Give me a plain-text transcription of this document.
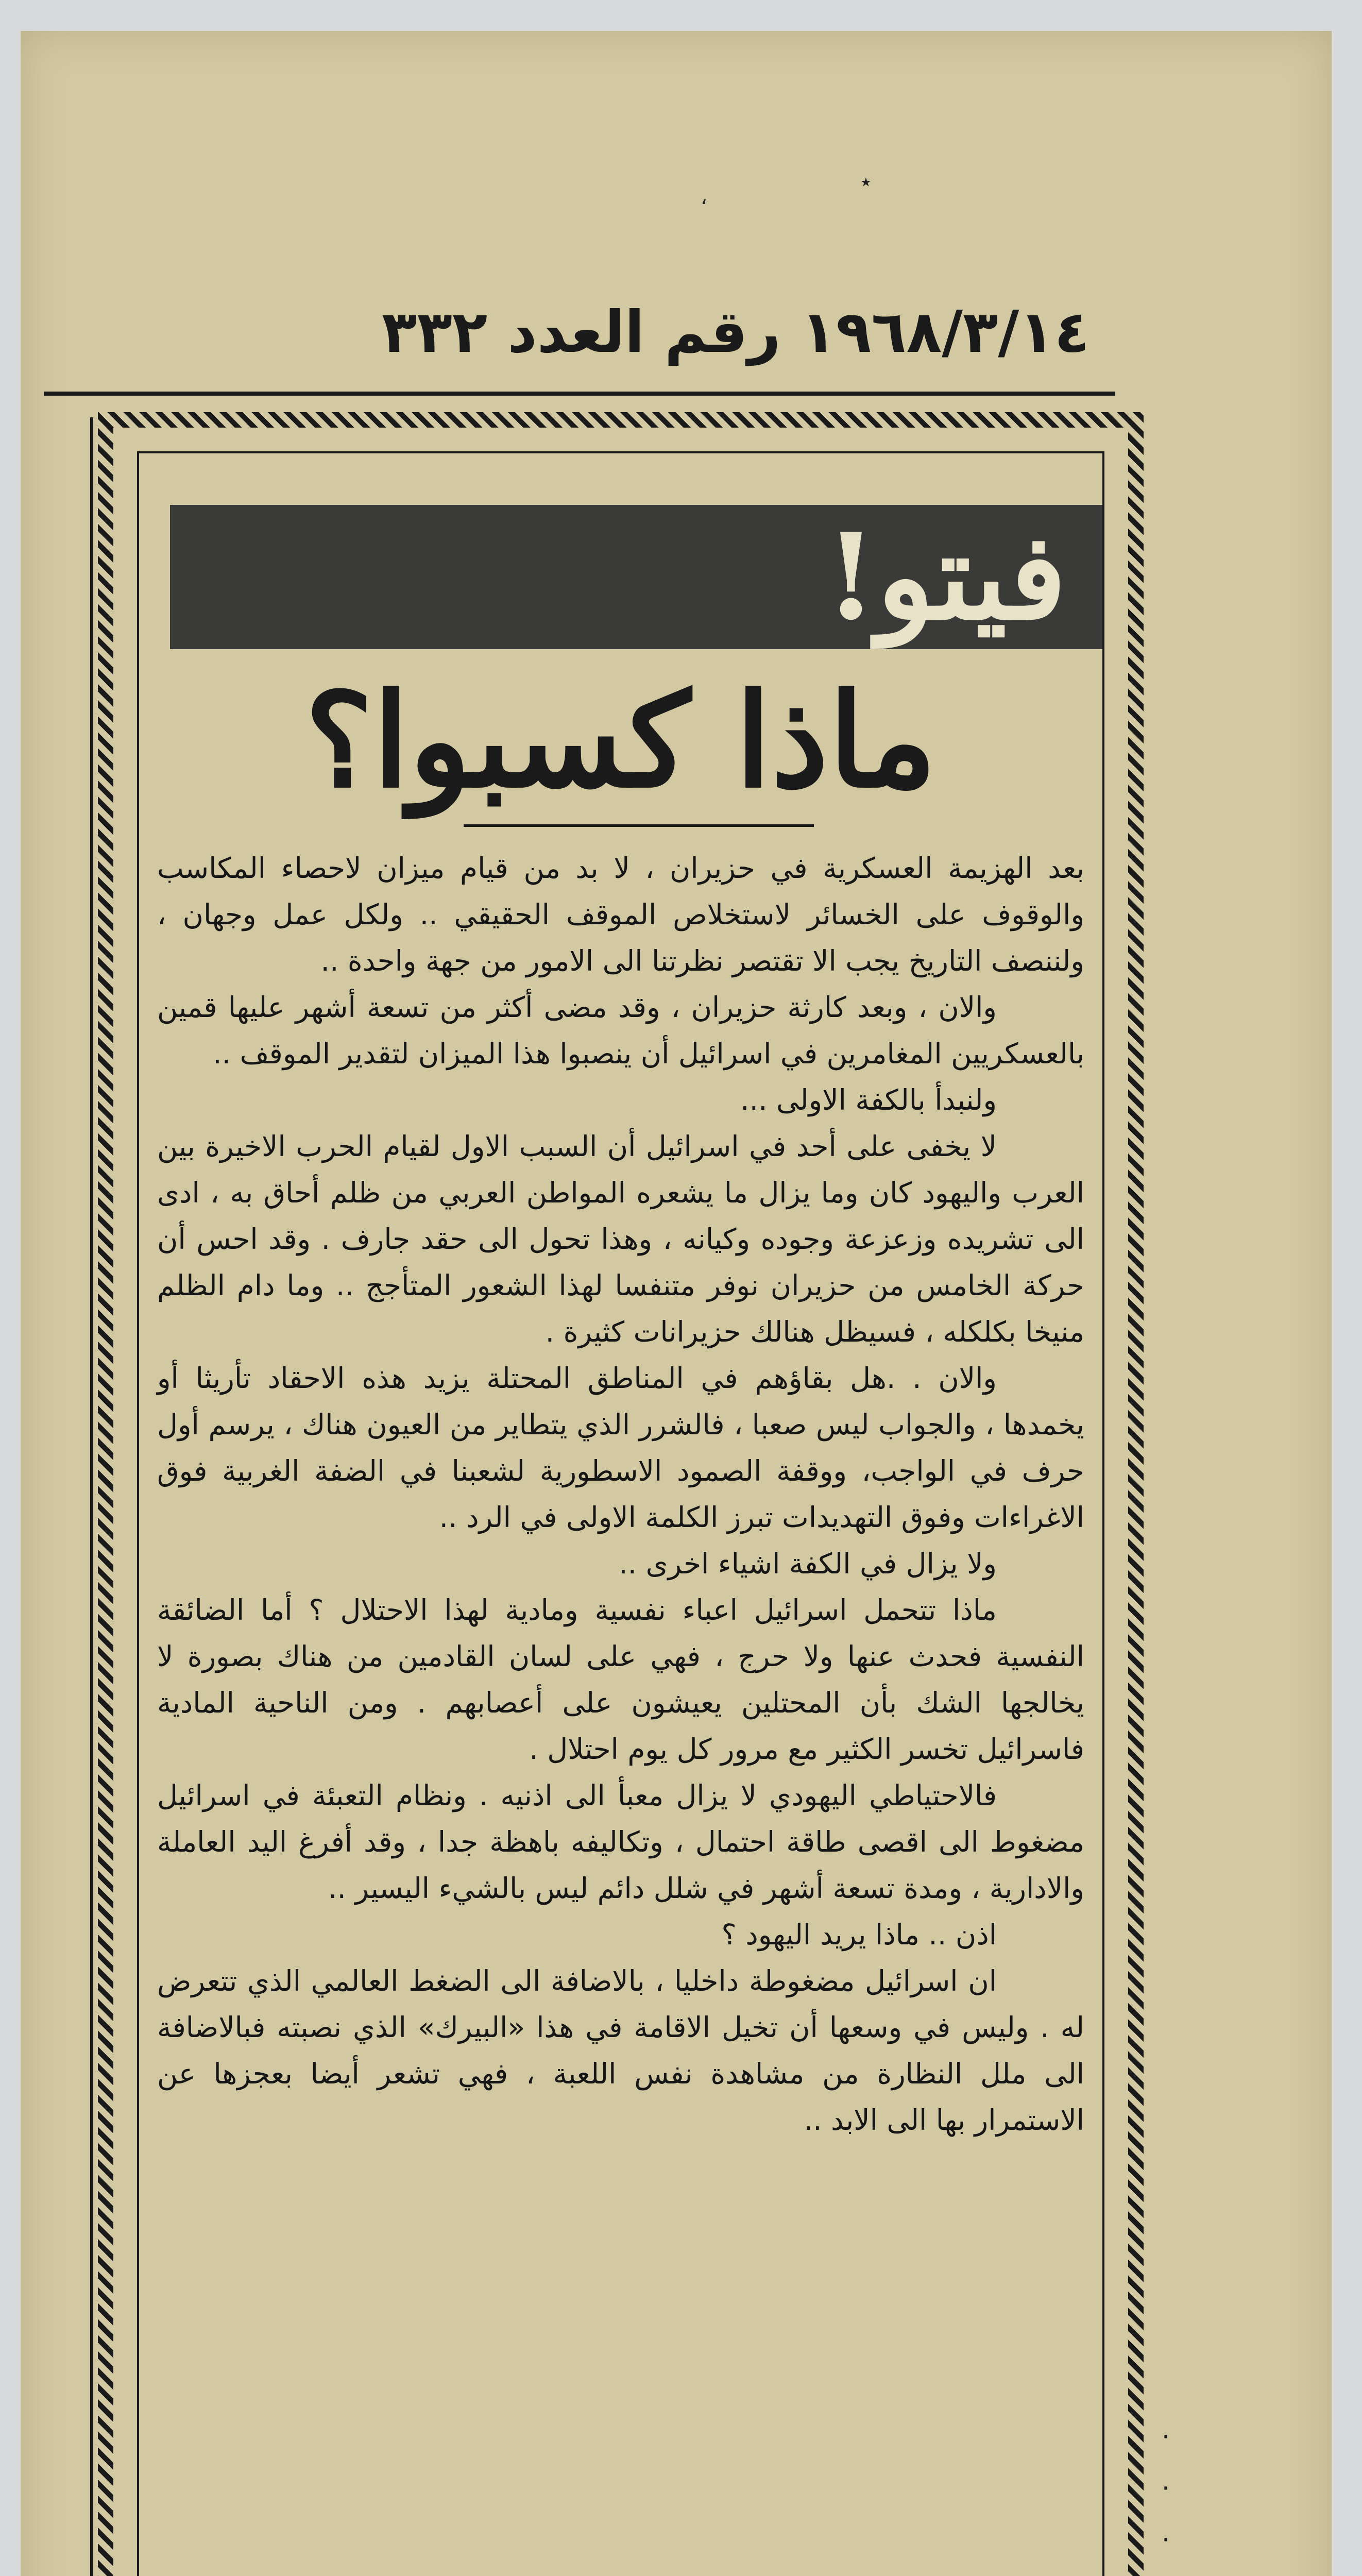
،
٭
١٩٦٨/٣/١٤ رقم العدد ٣٣٢
فيتو!
ماذا كسبوا؟

بعد الهزيمة العسكرية في حزيران ، لا بد من قيام ميزان لاحصاء المكاسب والوقوف على الخسائر لاستخلاص الموقف الحقيقي .. ولكل عمل وجهان ، ولننصف التاريخ يجب الا تقتصر نظرتنا الى الامور من جهة واحدة ..

والان ، وبعد كارثة حزيران ، وقد مضى أكثر من تسعة أشهر عليها قمين بالعسكريين المغامرين في اسرائيل أن ينصبوا هذا الميزان لتقدير الموقف ..

ولنبدأ بالكفة الاولى ...

لا يخفى على أحد في اسرائيل أن السبب الاول لقيام الحرب الاخيرة بين العرب واليهود كان وما يزال ما يشعره المواطن العربي من ظلم أحاق به ، ادى الى تشريده وزعزعة وجوده وكيانه ، وهذا تحول الى حقد جارف . وقد احس أن حركة الخامس من حزيران نوفر متنفسا لهذا الشعور المتأجج .. وما دام الظلم منيخا بكلكله ، فسيظل هنالك حزيرانات كثيرة .

والان . .هل بقاؤهم في المناطق المحتلة يزيد هذه الاحقاد تأريثا أو يخمدها ، والجواب ليس صعبا ، فالشرر الذي يتطاير من العيون هناك ، يرسم أول حرف في الواجب، ووقفة الصمود الاسطورية لشعبنا في الضفة الغربية فوق الاغراءات وفوق التهديدات تبرز الكلمة الاولى في الرد ..

ولا يزال في الكفة اشياء اخرى ..

ماذا تتحمل اسرائيل اعباء نفسية ومادية لهذا الاحتلال ؟ أما الضائقة النفسية فحدث عنها ولا حرج ، فهي على لسان القادمين من هناك بصورة لا يخالجها الشك بأن المحتلين يعيشون على أعصابهم . ومن الناحية المادية فاسرائيل تخسر الكثير مع مرور كل يوم احتلال .

فالاحتياطي اليهودي لا يزال معبأ الى اذنيه . ونظام التعبئة في اسرائيل مضغوط الى اقصى طاقة احتمال ، وتكاليفه باهظة جدا ، وقد أفرغ اليد العاملة والادارية ، ومدة تسعة أشهر في شلل دائم ليس بالشيء اليسير ..

اذن .. ماذا يريد اليهود ؟

ان اسرائيل مضغوطة داخليا ، بالاضافة الى الضغط العالمي الذي تتعرض له . وليس في وسعها أن تخيل الاقامة في هذا «البيرك» الذي نصبته فبالاضافة الى ملل النظارة من مشاهدة نفس اللعبة ، فهي تشعر أيضا بعجزها عن الاستمرار بها الى الابد ..

·
·
·
